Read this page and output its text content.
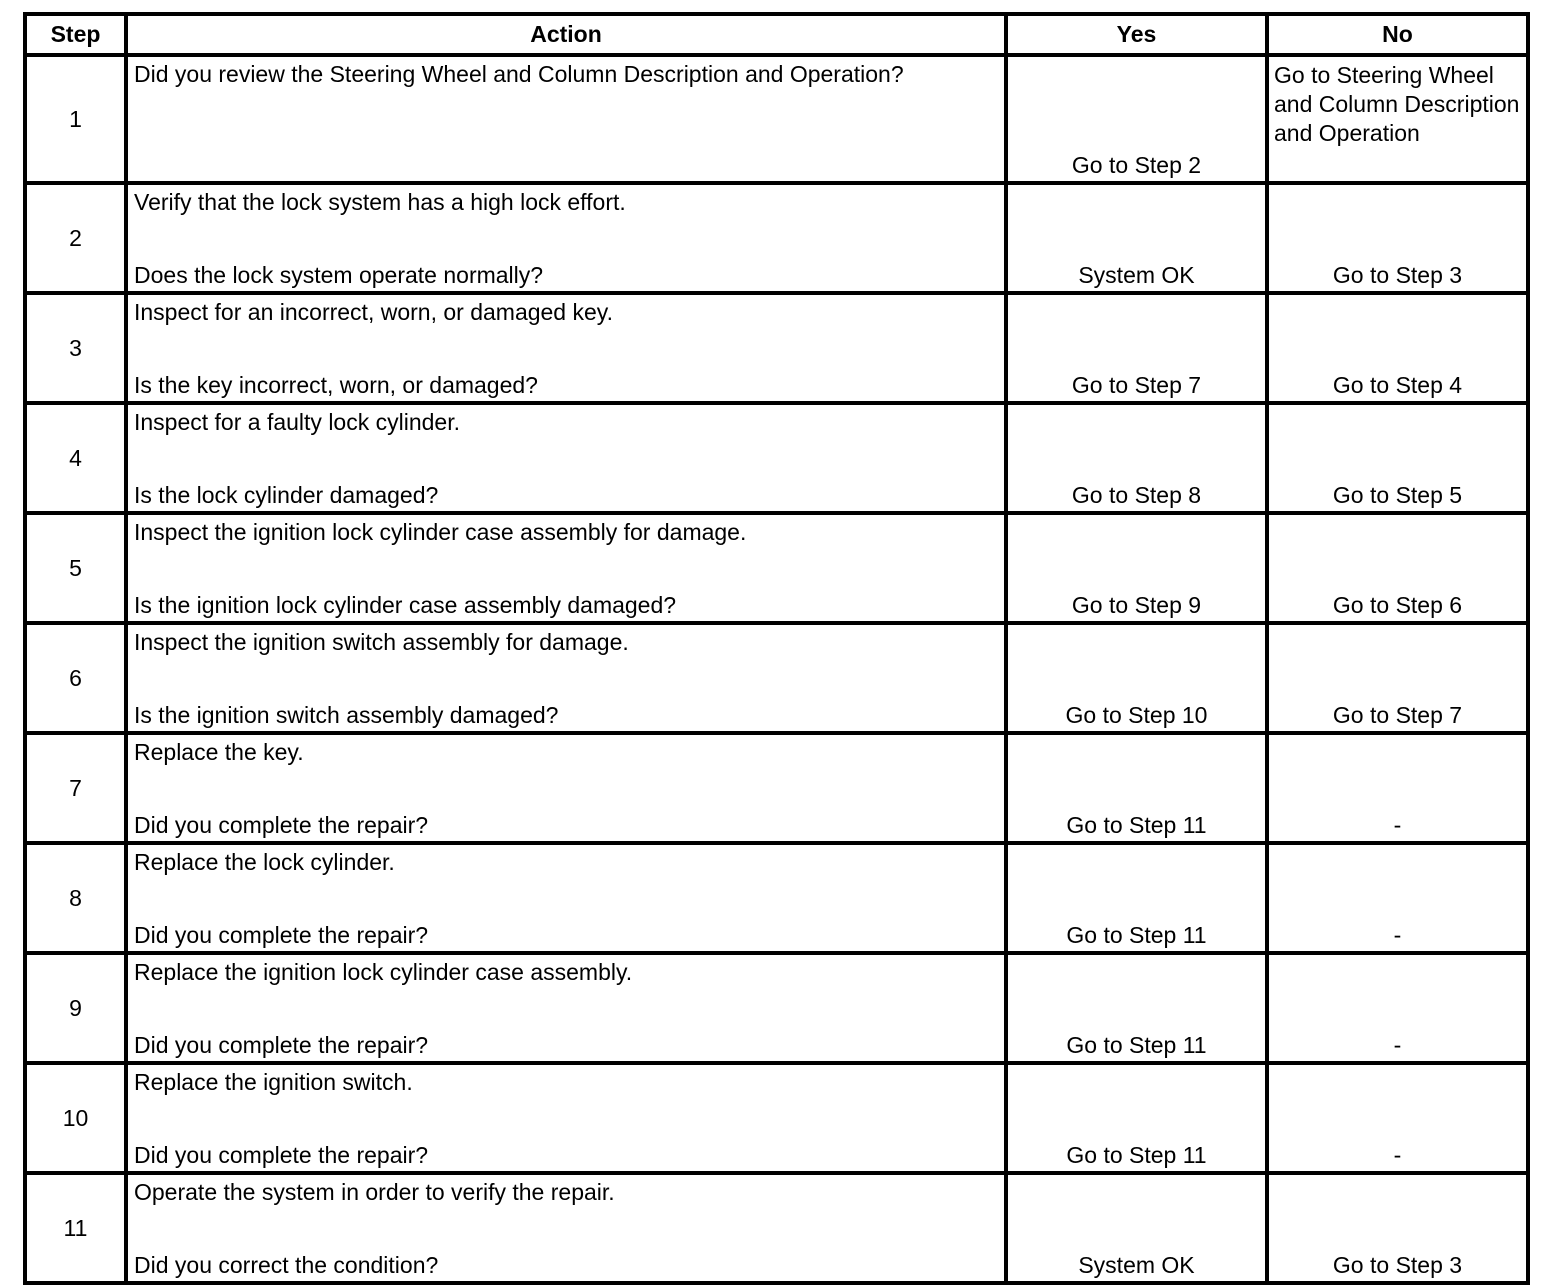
Step	Action	Yes	No
1	Did you review the Steering Wheel and Column Description and Operation?	Go to Step 2	Go to Steering Wheel and Column Description and Operation
2	Verify that the lock system has a high lock effort.
Does the lock system operate normally?	System OK	Go to Step 3
3	Inspect for an incorrect, worn, or damaged key.
Is the key incorrect, worn, or damaged?	Go to Step 7	Go to Step 4
4	Inspect for a faulty lock cylinder.
Is the lock cylinder damaged?	Go to Step 8	Go to Step 5
5	Inspect the ignition lock cylinder case assembly for damage.
Is the ignition lock cylinder case assembly damaged?	Go to Step 9	Go to Step 6
6	Inspect the ignition switch assembly for damage.
Is the ignition switch assembly damaged?	Go to Step 10	Go to Step 7
7	Replace the key.
Did you complete the repair?	Go to Step 11	-
8	Replace the lock cylinder.
Did you complete the repair?	Go to Step 11	-
9	Replace the ignition lock cylinder case assembly.
Did you complete the repair?	Go to Step 11	-
10	Replace the ignition switch.
Did you complete the repair?	Go to Step 11	-
11	Operate the system in order to verify the repair.
Did you correct the condition?	System OK	Go to Step 3
